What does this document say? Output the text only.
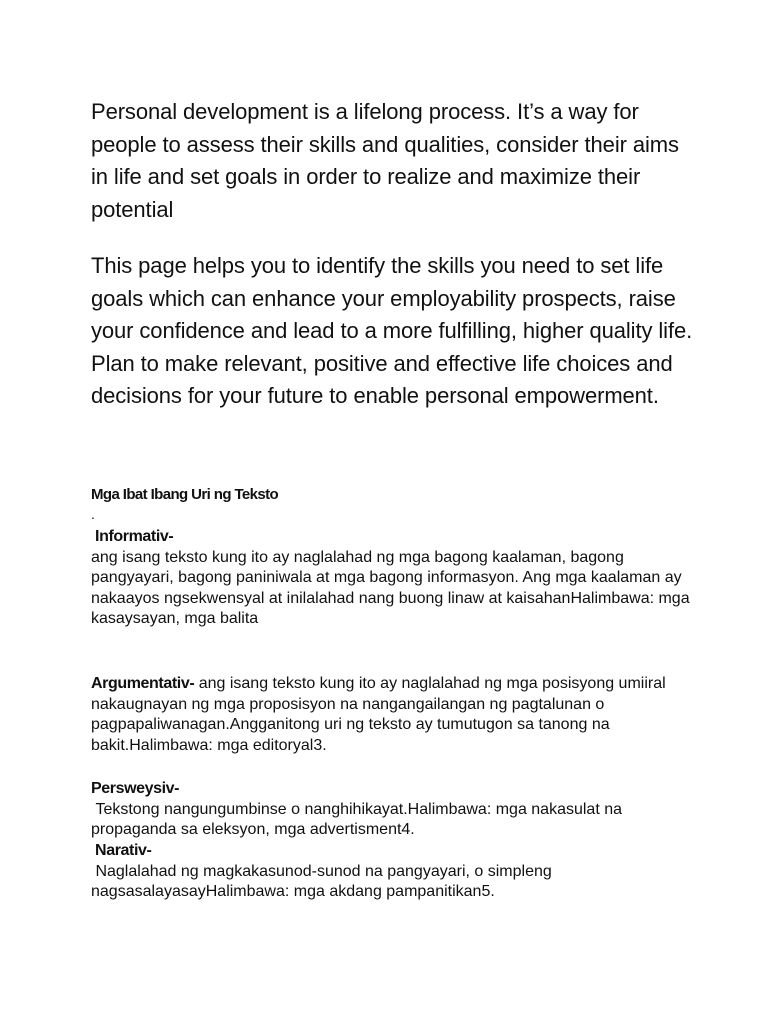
Personal development is a lifelong process. It’s a way for people to assess their skills and qualities, consider their aims in life and set goals in order to realize and maximize their potential

This page helps you to identify the skills you need to set life goals which can enhance your employability prospects, raise your confidence and lead to a more fulfilling, higher quality life. Plan to make relevant, positive and effective life choices and decisions for your future to enable personal empowerment.

Mga Ibat Ibang Uri ng Teksto

.
Informativ-
ang isang teksto kung ito ay naglalahad ng mga bagong kaalaman, bagong pangyayari, bagong paniniwala at mga bagong informasyon. Ang mga kaalaman ay nakaayos ngsekwensyal at inilalahad nang buong linaw at kaisahanHalimbawa: mga kasaysayan, mga balita
Argumentativ- ang isang teksto kung ito ay naglalahad ng mga posisyong umiiral nakaugnayan ng mga proposisyon na nangangailangan ng pagtalunan o pagpapaliwanagan.Angganitong uri ng teksto ay tumutugon sa tanong na bakit.Halimbawa: mga editoryal3.
Persweysiv-
Tekstong nangungumbinse o nanghihikayat.Halimbawa: mga nakasulat na propaganda sa eleksyon, mga advertisment4.
Narativ-
Naglalahad ng magkakasunod-sunod na pangyayari, o simpleng nagsasalayasayHalimbawa: mga akdang pampanitikan5.
